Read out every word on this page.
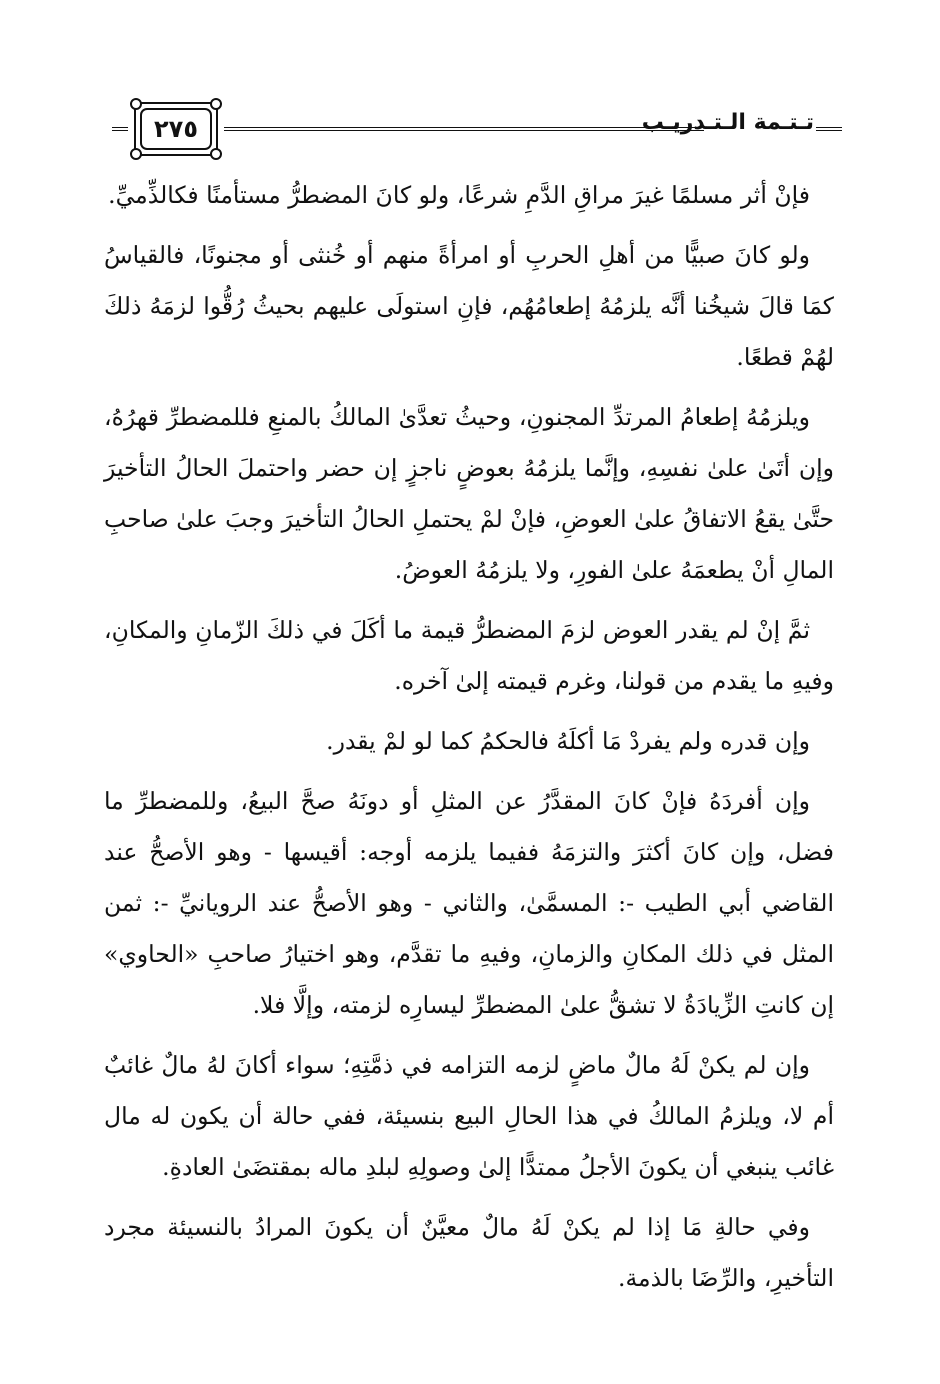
٢٧٥	تـتـمة الـتـدريـب

فإنْ أثر مسلمًا غيرَ مراقِ الدَّمِ شرعًا، ولو كانَ المضطرُّ مستأمنًا فكالذِّميِّ.

ولو كانَ صبيًّا من أهلِ الحربِ أو امرأةً منهم أو خُنثى أو مجنونًا، فالقياسُ كمَا قالَ شيخُنا أنَّه يلزمُهُ إطعامُهُم، فإنِ استولَى عليهم بحيثُ رُقُّوا لزمَهُ ذلكَ لهُمْ قطعًا.

ويلزمُهُ إطعامُ المرتدِّ المجنونِ، وحيثُ تعدَّىٰ المالكُ بالمنعِ فللمضطرِّ قهرُهُ، وإن أتَىٰ علىٰ نفسِهِ، وإنَّما يلزمُهُ بعوضٍ ناجزٍ إن حضر واحتملَ الحالُ التأخيرَ حتَّىٰ يقعُ الاتفاقُ علىٰ العوضِ، فإنْ لمْ يحتملِ الحالُ التأخيرَ وجبَ علىٰ صاحبِ المالِ أنْ يطعمَهُ علىٰ الفورِ، ولا يلزمُهُ العوضُ.

ثمَّ إنْ لم يقدر العوض لزمَ المضطرُّ قيمة ما أكَلَ في ذلكَ الزّمانِ والمكانِ، وفيهِ ما يقدم من قولنا، وغرم قيمته إلىٰ آخره.

وإن قدره ولم يفردْ مَا أكلَهُ فالحكمُ كما لو لمْ يقدر.

وإن أفردَهُ فإنْ كانَ المقدَّرُ عن المثلِ أو دونَهُ صحَّ البيعُ، وللمضطرِّ ما فضل، وإن كانَ أكثرَ والتزمَهُ ففيما يلزمه أوجه: أقيسها - وهو الأصحُّ عند القاضي أبي الطيب -: المسمَّىٰ، والثاني - وهو الأصحُّ عند الرويانيِّ -: ثمن المثل في ذلك المكانِ والزمانِ، وفيهِ ما تقدَّم، وهو اختيارُ صاحبِ «الحاوي» إن كانتِ الزِّيادَةُ لا تشقُّ علىٰ المضطرِّ ليسارِه لزمته، وإلَّا فلا.

وإن لم يكنْ لَهُ مالٌ ماضٍ لزمه التزامه في ذمَّتِهِ؛ سواء أكانَ لهُ مالٌ غائبٌ أم لا، ويلزمُ المالكُ في هذا الحالِ البيع بنسيئة، ففي حالة أن يكون له مال غائب ينبغي أن يكونَ الأجلُ ممتدًّا إلىٰ وصولِهِ لبلدِ ماله بمقتضَىٰ العادةِ.

وفي حالةِ مَا إذا لم يكنْ لَهُ مالٌ معيَّنٌ أن يكونَ المرادُ بالنسيئة مجرد التأخيرِ، والرِّضَا بالذمة.
